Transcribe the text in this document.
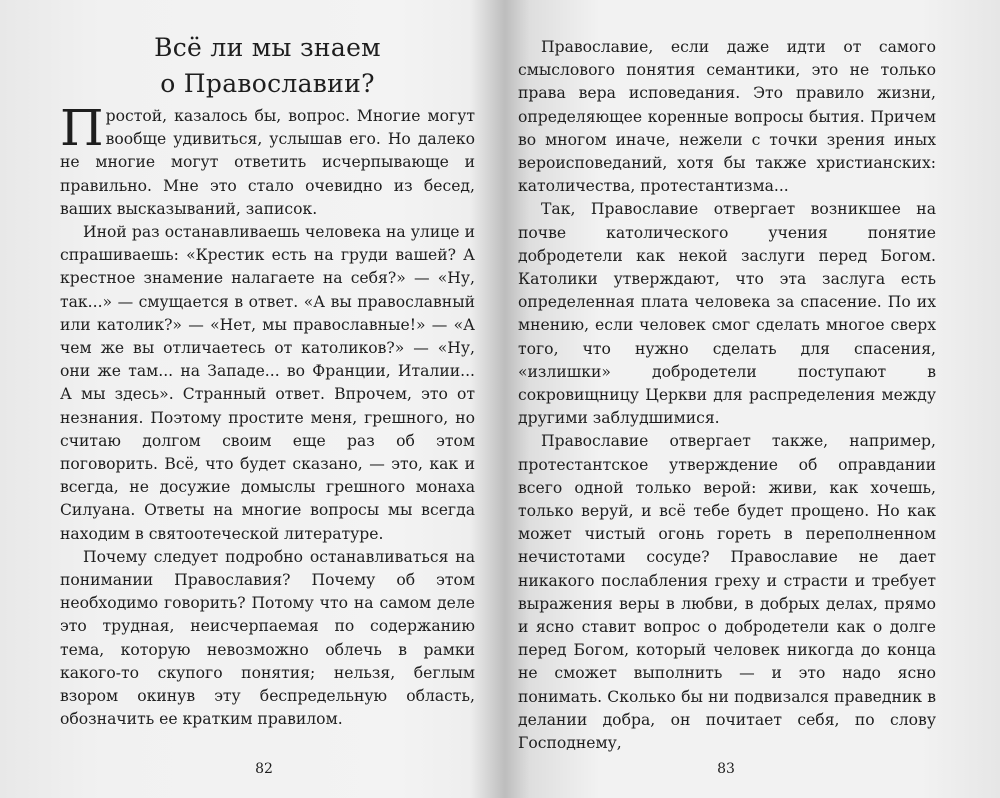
Всё ли мы знаем
о Православии?

Простой, казалось бы, вопрос. Многие могут вообще удивиться, услышав его. Но далеко не многие могут ответить исчерпывающе и правильно. Мне это стало очевидно из бесед, ваших высказываний, записок.

Иной раз останавливаешь человека на улице и спрашиваешь: «Крестик есть на груди вашей? А крестное знамение налагаете на себя?» — «Ну, так...» — смущается в ответ. «А вы православный или католик?» — «Нет, мы православные!» — «А чем же вы отличаетесь от католиков?» — «Ну, они же там... на Западе... во Франции, Италии... А мы здесь». Странный ответ. Впрочем, это от незнания. Поэтому простите меня, грешного, но считаю долгом своим еще раз об этом поговорить. Всё, что будет сказано, — это, как и всегда, не досужие домыслы грешного монаха Силуана. Ответы на многие вопросы мы всегда находим в святоотеческой литературе.

Почему следует подробно останавливаться на понимании Православия? Почему об этом необходимо говорить? Потому что на самом деле это трудная, неисчерпаемая по содержанию тема, которую невозможно облечь в рамки какого-то скупого понятия; нельзя, беглым взором окинув эту беспредельную область, обозначить ее кратким правилом.

82

Православие, если даже идти от самого смыслового понятия семантики, это не только права вера исповедания. Это правило жизни, определяющее коренные вопросы бытия. Причем во многом иначе, нежели с точки зрения иных вероисповеданий, хотя бы также христианских: католичества, протестантизма...

Так, Православие отвергает возникшее на почве католического учения понятие добродетели как некой заслуги перед Богом. Католики утверждают, что эта заслуга есть определенная плата человека за спасение. По их мнению, если человек смог сделать многое сверх того, что нужно сделать для спасения, «излишки» добродетели поступают в сокровищницу Церкви для распределения между другими заблудшимися.

Православие отвергает также, например, протестантское утверждение об оправдании всего одной только верой: живи, как хочешь, только веруй, и всё тебе будет прощено. Но как может чистый огонь гореть в переполненном нечистотами сосуде? Православие не дает никакого послабления греху и страсти и требует выражения веры в любви, в добрых делах, прямо и ясно ставит вопрос о добродетели как о долге перед Богом, который человек никогда до конца не сможет выполнить — и это надо ясно понимать. Сколько бы ни подвизался праведник в делании добра, он почитает себя, по слову Господнему,

83
